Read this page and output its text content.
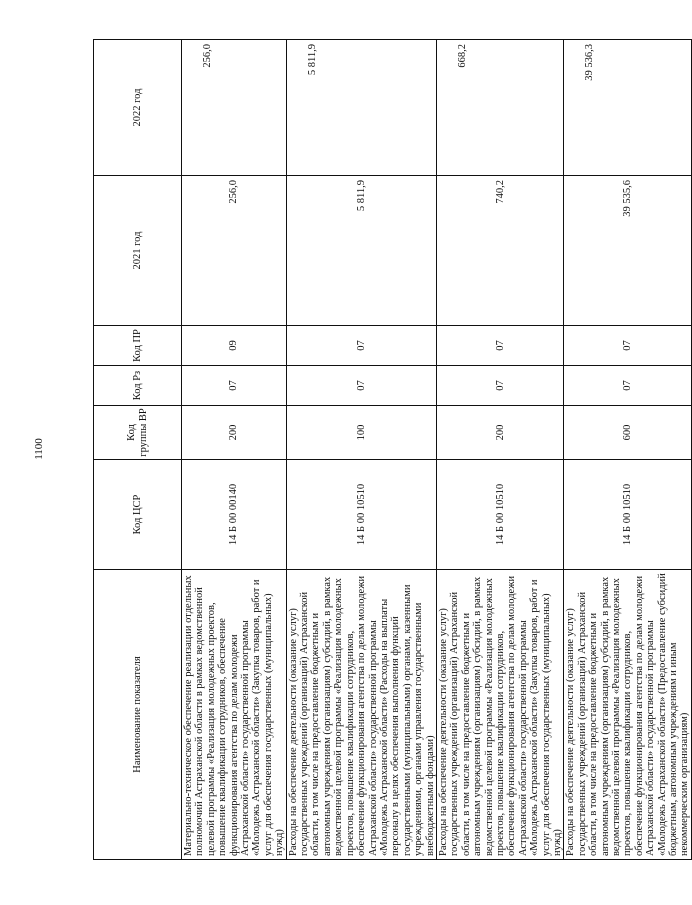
1100
Наименование показателя	Код ЦСР	Код группы ВР	Код Рз	Код ПР	2021 год	2022 год
Материально-техническое обеспечение реализации отдельных полномочий Астраханской области в рамках ведомственной целевой программы «Реализация молодежных проектов, повышение квалификации сотрудников, обеспечение функционирования агентства по делам молодежи Астраханской области» государственной программы «Молодежь Астраханской области» (Закупка товаров, работ и услуг для обеспечения государственных (муниципальных) нужд)	14 Б 00 00140	200	07	09	256,0	256,0
Расходы на обеспечение деятельности (оказание услуг) государственных учреждений (организаций) Астраханской области, в том числе на предоставление бюджетным и автономным учреждениям (организациям) субсидий, в рамках ведомственной целевой программы «Реализация молодежных проектов, повышение квалификации сотрудников, обеспечение функционирования агентства по делам молодежи Астраханской области» государственной программы «Молодежь Астраханской области» (Расходы на выплаты персоналу в целях обеспечения выполнения функций государственными (муниципальными) органами, казенными учреждениями, органами управления государственными внебюджетными фондами)	14 Б 00 10510	100	07	07	5 811,9	5 811,9
Расходы на обеспечение деятельности (оказание услуг) государственных учреждений (организаций) Астраханской области, в том числе на предоставление бюджетным и автономным учреждениям (организациям) субсидий, в рамках ведомственной целевой программы «Реализация молодежных проектов, повышение квалификации сотрудников, обеспечение функционирования агентства по делам молодежи Астраханской области» государственной программы «Молодежь Астраханской области» (Закупка товаров, работ и услуг для обеспечения государственных (муниципальных) нужд)	14 Б 00 10510	200	07	07	740,2	668,2
Расходы на обеспечение деятельности (оказание услуг) государственных учреждений (организаций) Астраханской области, в том числе на предоставление бюджетным и автономным учреждениям (организациям) субсидий, в рамках ведомственной целевой программы «Реализация молодежных проектов, повышение квалификации сотрудников, обеспечение функционирования агентства по делам молодежи Астраханской области» государственной программы «Молодежь Астраханской области» (Предоставление субсидий бюджетным, автономным учреждениям и иным некоммерческим организациям)	14 Б 00 10510	600	07	07	39 535,6	39 536,3
